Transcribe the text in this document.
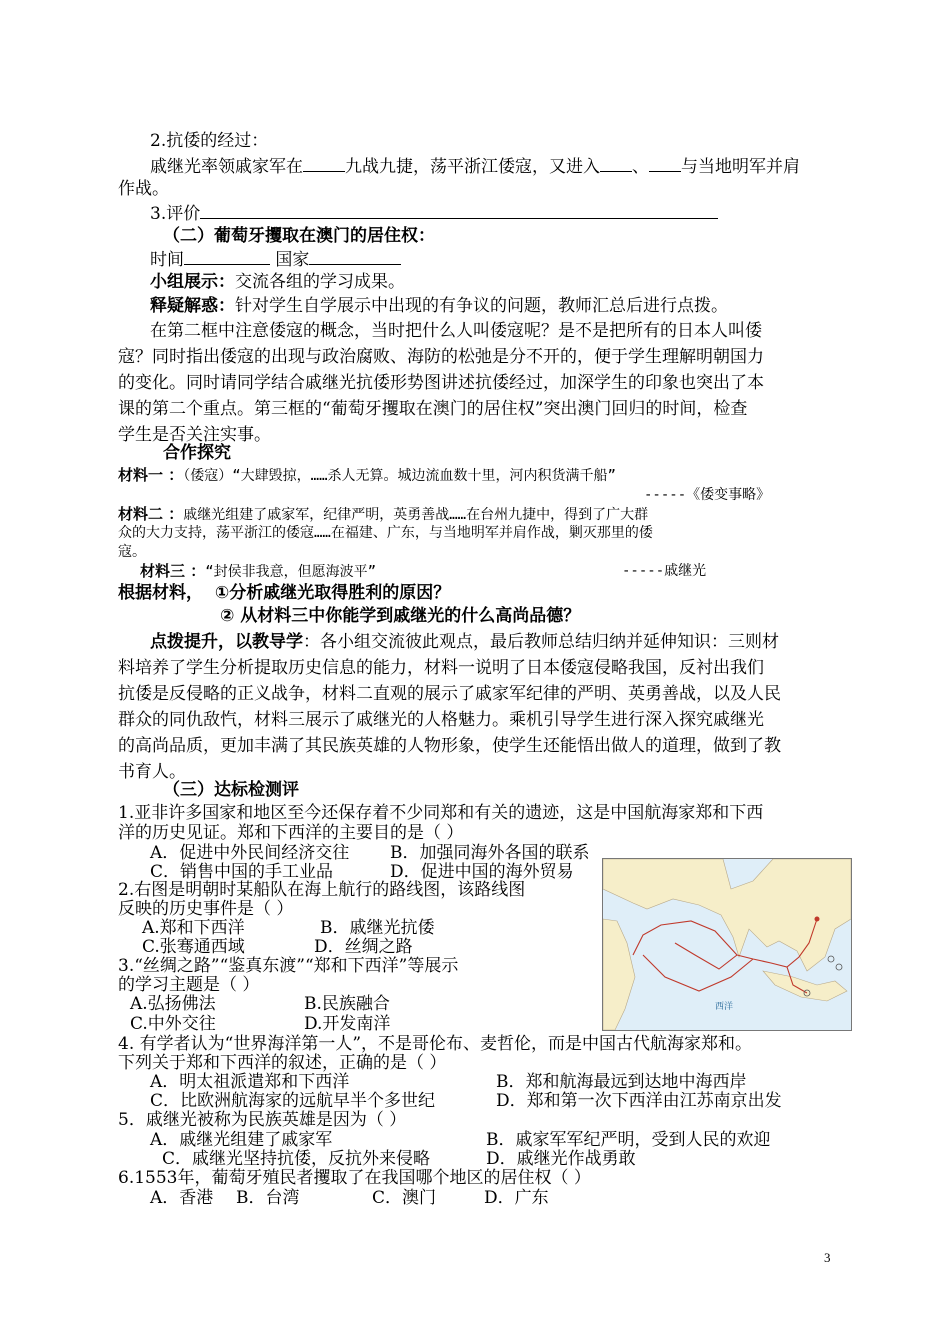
2.抗倭的经过：
戚继光率领戚家军在 九战九捷，荡平浙江倭寇，又进入 、 与当地明军并肩
作战。
3.评价
（二）葡萄牙攫取在澳门的居住权：
时间	国家
小组展示：交流各组的学习成果。
释疑解惑：针对学生自学展示中出现的有争议的问题，教师汇总后进行点拨。
在第二框中注意倭寇的概念，当时把什么人叫倭寇呢？是不是把所有的日本人叫倭
寇？同时指出倭寇的出现与政治腐败、海防的松弛是分不开的，便于学生理解明朝国力
的变化。同时请同学结合戚继光抗倭形势图讲述抗倭经过，加深学生的印象也突出了本
课的第二个重点。第三框的“葡萄牙攫取在澳门的居住权”突出澳门回归的时间，检查
学生是否关注实事。
合作探究
材料一 ：（倭寇）“大肆毁掠，……杀人无算。城边流血数十里，河内积货满千船”
-----《倭变事略》
材料二 ：戚继光组建了戚家军，纪律严明，英勇善战……在台州九捷中，得到了广大群
众的大力支持，荡平浙江的倭寇……在福建、广东，与当地明军并肩作战，剿灭那里的倭
寇。
材料三 ：“封侯非我意，但愿海波平”	-----戚继光
根据材料， ①分析戚继光取得胜利的原因？
② 从材料三中你能学到戚继光的什么高尚品德？
点拨提升，以教导学：各小组交流彼此观点，最后教师总结归纳并延伸知识：三则材
料培养了学生分析提取历史信息的能力，材料一说明了日本倭寇侵略我国，反衬出我们
抗倭是反侵略的正义战争，材料二直观的展示了戚家军纪律的严明、英勇善战，以及人民
群众的同仇敌忾，材料三展示了戚继光的人格魅力。乘机引导学生进行深入探究戚继光
的高尚品质，更加丰满了其民族英雄的人物形象，使学生还能悟出做人的道理，做到了教
书育人。
（三）达标检测评
1.亚非许多国家和地区至今还保存着不少同郑和有关的遗迹，这是中国航海家郑和下西
洋的历史见证。郑和下西洋的主要目的是（ ）
A．促进中外民间经济交往 B．加强同海外各国的联系
C．销售中国的手工业品	D．促进中国的海外贸易
2.右图是明朝时某船队在海上航行的路线图，该路线图
反映的历史事件是（ ）
A.郑和下西洋	B．戚继光抗倭
C.张骞通西域	D．丝绸之路
3.“丝绸之路”“鉴真东渡”“郑和下西洋”等展示
的学习主题是（ ）
A.弘扬佛法	B.民族融合
C.中外交往	D.开发南洋
4. 有学者认为“世界海洋第一人”，不是哥伦布、麦哲伦，而是中国古代航海家郑和。
下列关于郑和下西洋的叙述，正确的是（ ）
A．明太祖派遣郑和下西洋	B．郑和航海最远到达地中海西岸
C．比欧洲航海家的远航早半个多世纪	D．郑和第一次下西洋由江苏南京出发
5．戚继光被称为民族英雄是因为（ ）
A．戚继光组建了戚家军	B．戚家军军纪严明，受到人民的欢迎
C．戚继光坚持抗倭，反抗外来侵略	D．戚继光作战勇敢
6.1553年，葡萄牙殖民者攫取了在我国哪个地区的居住权（ ）
A．香港 B．台湾	C．澳门	D．广东
西洋
3
